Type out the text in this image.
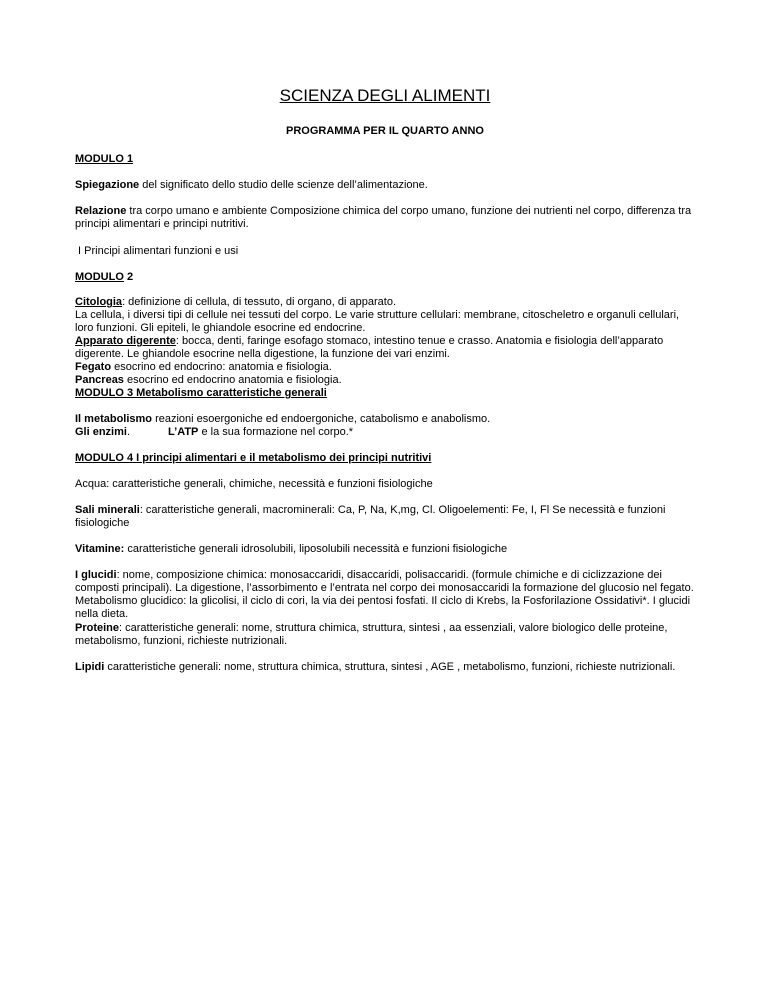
SCIENZA DEGLI ALIMENTI
PROGRAMMA PER IL QUARTO ANNO

MODULO 1

Spiegazione del significato dello studio delle scienze dell’alimentazione.

Relazione tra corpo umano e ambiente Composizione chimica del corpo umano, funzione dei nutrienti nel corpo, differenza tra principi alimentari e principi nutritivi.

I Principi alimentari funzioni e usi

MODULO 2

Citologia: definizione di cellula, di tessuto, di organo, di apparato.
La cellula, i diversi tipi di cellule nei tessuti del corpo. Le varie strutture cellulari: membrane, citoscheletro e organuli cellulari, loro funzioni. Gli epiteli, le ghiandole esocrine ed endocrine.
Apparato digerente: bocca, denti, faringe esofago stomaco, intestino tenue e crasso. Anatomia e fisiologia dell’apparato digerente. Le ghiandole esocrine nella digestione, la funzione dei vari enzimi.
Fegato esocrino ed endocrino: anatomia e fisiologia.
Pancreas esocrino ed endocrino anatomia e fisiologia.

MODULO 3 Metabolismo caratteristiche generali

Il metabolismo reazioni esoergoniche ed endoergoniche, catabolismo e anabolismo.
Gli enzimi.	L’ATP e la sua formazione nel corpo.*

MODULO 4 I principi alimentari e il metabolismo dei principi nutritivi

Acqua: caratteristiche generali, chimiche, necessità e funzioni fisiologiche

Sali minerali: caratteristiche generali, macrominerali: Ca, P, Na, K,mg, Cl. Oligoelementi: Fe, I, Fl Se necessità e funzioni fisiologiche

Vitamine: caratteristiche generali idrosolubili, liposolubili necessità e funzioni fisiologiche

I glucidi: nome, composizione chimica: monosaccaridi, disaccaridi, polisaccaridi. (formule chimiche e di ciclizzazione dei composti principali). La digestione, l’assorbimento e l’entrata nel corpo dei monosaccaridi la formazione del glucosio nel fegato. Metabolismo glucidico: la glicolisi, il ciclo di cori, la via dei pentosi fosfati. Il ciclo di Krebs, la Fosforilazione Ossidativi*. I glucidi nella dieta.

Proteine: caratteristiche generali: nome, struttura chimica, struttura, sintesi , aa essenziali, valore biologico delle proteine, metabolismo, funzioni, richieste nutrizionali.

Lipidi caratteristiche generali: nome, struttura chimica, struttura, sintesi , AGE , metabolismo, funzioni, richieste nutrizionali.
